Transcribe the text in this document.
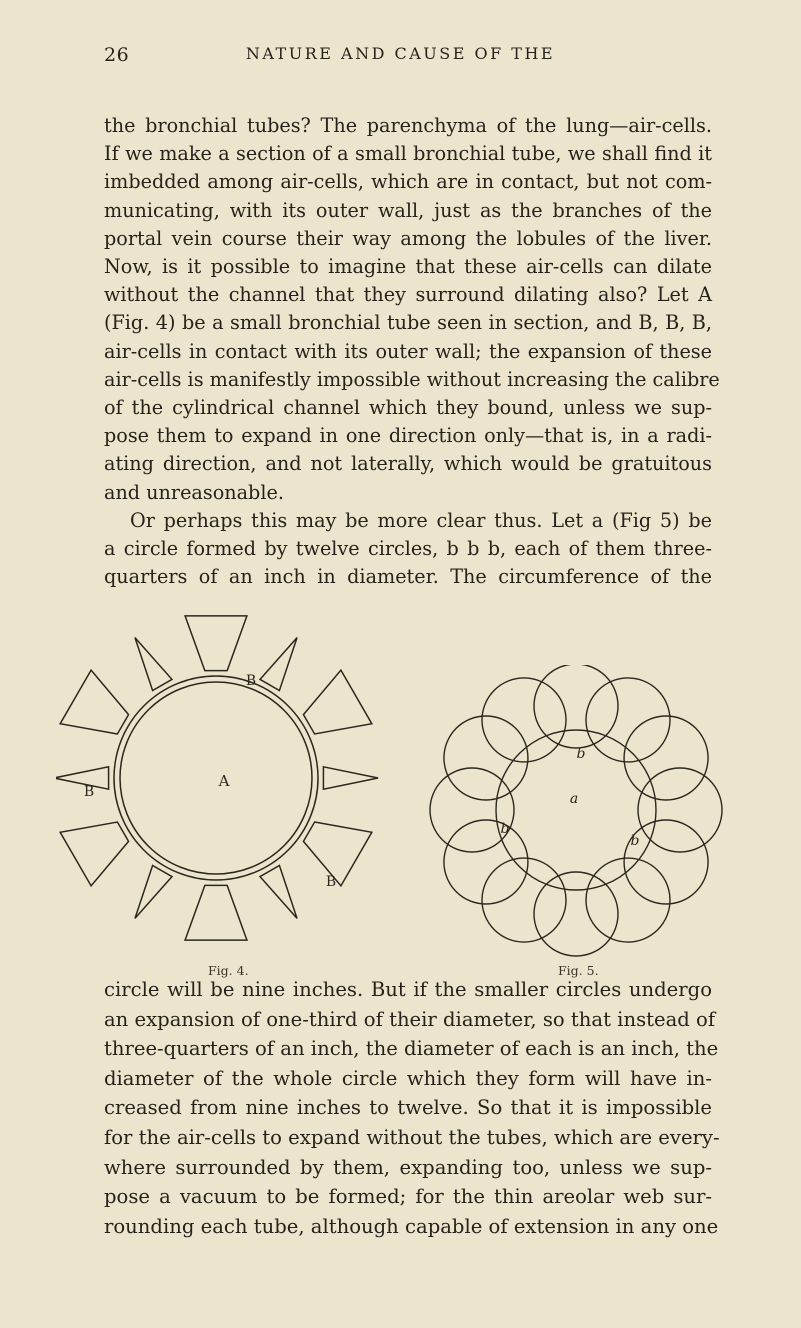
26	NATURE AND CAUSE OF THE

the bronchial tubes? The parenchyma of the lung—air-cells.
If we make a section of a small bronchial tube, we shall find it
imbedded among air-cells, which are in contact, but not com-
municating, with its outer wall, just as the branches of the
portal vein course their way among the lobules of the liver.
Now, is it possible to imagine that these air-cells can dilate
without the channel that they surround dilating also? Let A
(Fig. 4) be a small bronchial tube seen in section, and B, B, B,
air-cells in contact with its outer wall; the expansion of these
air-cells is manifestly impossible without increasing the calibre
of the cylindrical channel which they bound, unless we sup-
pose them to expand in one direction only—that is, in a radi-
ating direction, and not laterally, which would be gratuitous
and unreasonable.

Or perhaps this may be more clear thus. Let a (Fig 5) be
a circle formed by twelve circles, b b b, each of them three-
quarters of an inch in diameter. The circumference of the

A
B
B
B
Fig. 4.
a
b
b
b
Fig. 5.
circle will be nine inches. But if the smaller circles undergo
an expansion of one-third of their diameter, so that instead of
three-quarters of an inch, the diameter of each is an inch, the
diameter of the whole circle which they form will have in-
creased from nine inches to twelve. So that it is impossible
for the air-cells to expand without the tubes, which are every-
where surrounded by them, expanding too, unless we sup-
pose a vacuum to be formed; for the thin areolar web sur-
rounding each tube, although capable of extension in any one
